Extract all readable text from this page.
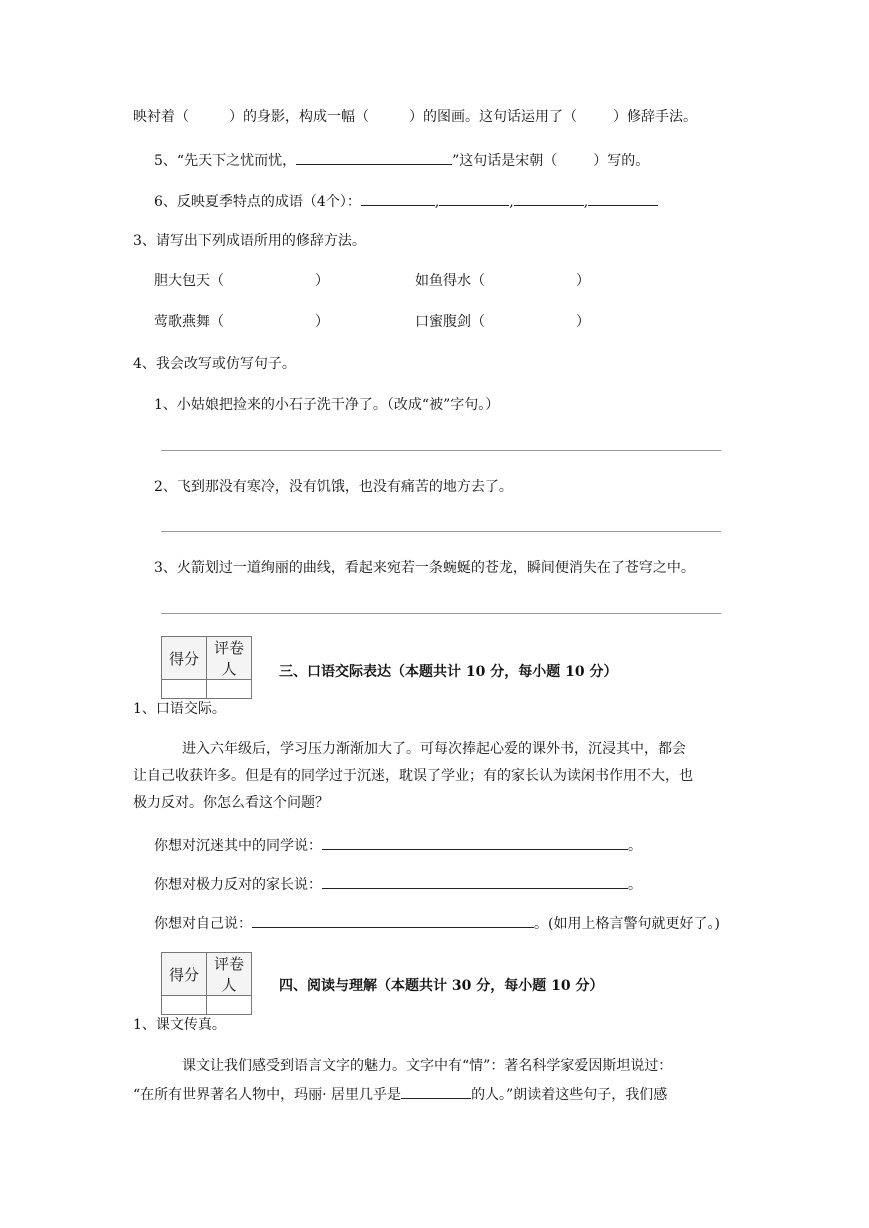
映衬着（	）的身影，构成一幅（	）的图画。这句话运用了（	）修辞手法。
5、“先天下之忧而忧，	”这句话是宋朝（	）写的。
6、反映夏季特点的成语（4个）：	,	,	,
3、请写出下列成语所用的修辞方法。
胆大包天（	）	如鱼得水（	）
莺歌燕舞（	）	口蜜腹剑（	）
4、我会改写或仿写句子。
1、小姑娘把捡来的小石子洗干净了。（改成“被”字句。）
2、飞到那没有寒冷，没有饥饿，也没有痛苦的地方去了。
3、火箭划过一道绚丽的曲线，看起来宛若一条蜿蜒的苍龙，瞬间便消失在了苍穹之中。
得分	评卷人
		三、口语交际表达（本题共计 10 分，每小题 10 分）
1、口语交际。
进入六年级后，学习压力渐渐加大了。可每次捧起心爱的课外书，沉浸其中，都会
让自己收获许多。但是有的同学过于沉迷，耽误了学业；有的家长认为读闲书作用不大，也
极力反对。你怎么看这个问题？
你想对沉迷其中的同学说：	。
你想对极力反对的家长说：	。
你想对自己说：	。(如用上格言警句就更好了。)
得分	评卷人
		四、阅读与理解（本题共计 30 分，每小题 10 分）
1、课文传真。
课文让我们感受到语言文字的魅力。文字中有“情”：著名科学家爱因斯坦说过：
“在所有世界著名人物中，玛丽· 居里几乎是	的人。”朗读着这些句子，我们感
